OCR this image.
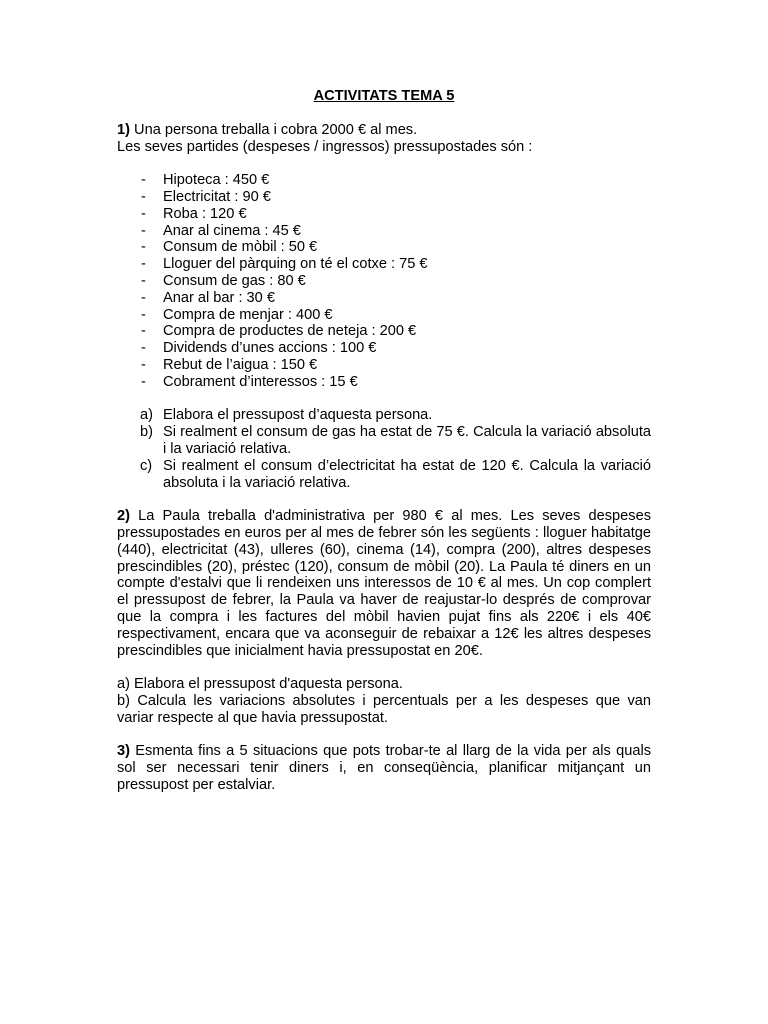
ACTIVITATS TEMA 5

1) Una persona treballa i cobra 2000 € al mes.

Les seves partides (despeses / ingressos) pressupostades són :

- Hipoteca : 450 €
- Electricitat : 90 €
- Roba : 120 €
- Anar al cinema : 45 €
- Consum de mòbil : 50 €
- Lloguer del pàrquing on té el cotxe : 75 €
- Consum de gas : 80 €
- Anar al bar : 30 €
- Compra de menjar : 400 €
- Compra de productes de neteja : 200 €
- Dividends d’unes accions : 100 €
- Rebut de l’aigua : 150 €
- Cobrament d’interessos : 15 €
a) Elabora el pressupost d’aquesta persona.
b) Si realment el consum de gas ha estat de 75 €. Calcula la variació absoluta i la variació relativa.
c) Si realment el consum d’electricitat ha estat de 120 €. Calcula la variació absoluta i la variació relativa.

2) La Paula treballa d'administrativa per 980 € al mes. Les seves despeses pressupostades en euros per al mes de febrer són les següents : lloguer habitatge (440), electricitat (43), ulleres (60), cinema (14), compra (200), altres despeses prescindibles (20), préstec (120), consum de mòbil (20). La Paula té diners en un compte d'estalvi que li rendeixen uns interessos de 10 € al mes. Un cop complert el pressupost de febrer, la Paula va haver de reajustar-lo després de comprovar que la compra i les factures del mòbil havien pujat fins als 220€ i els 40€ respectivament, encara que va aconseguir de rebaixar a 12€ les altres despeses prescindibles que inicialment havia pressupostat en 20€.

a) Elabora el pressupost d'aquesta persona.

b) Calcula les variacions absolutes i percentuals per a les despeses que van variar respecte al que havia pressupostat.

3) Esmenta fins a 5 situacions que pots trobar-te al llarg de la vida per als quals sol ser necessari tenir diners i, en conseqüència, planificar mitjançant un pressupost per estalviar.
